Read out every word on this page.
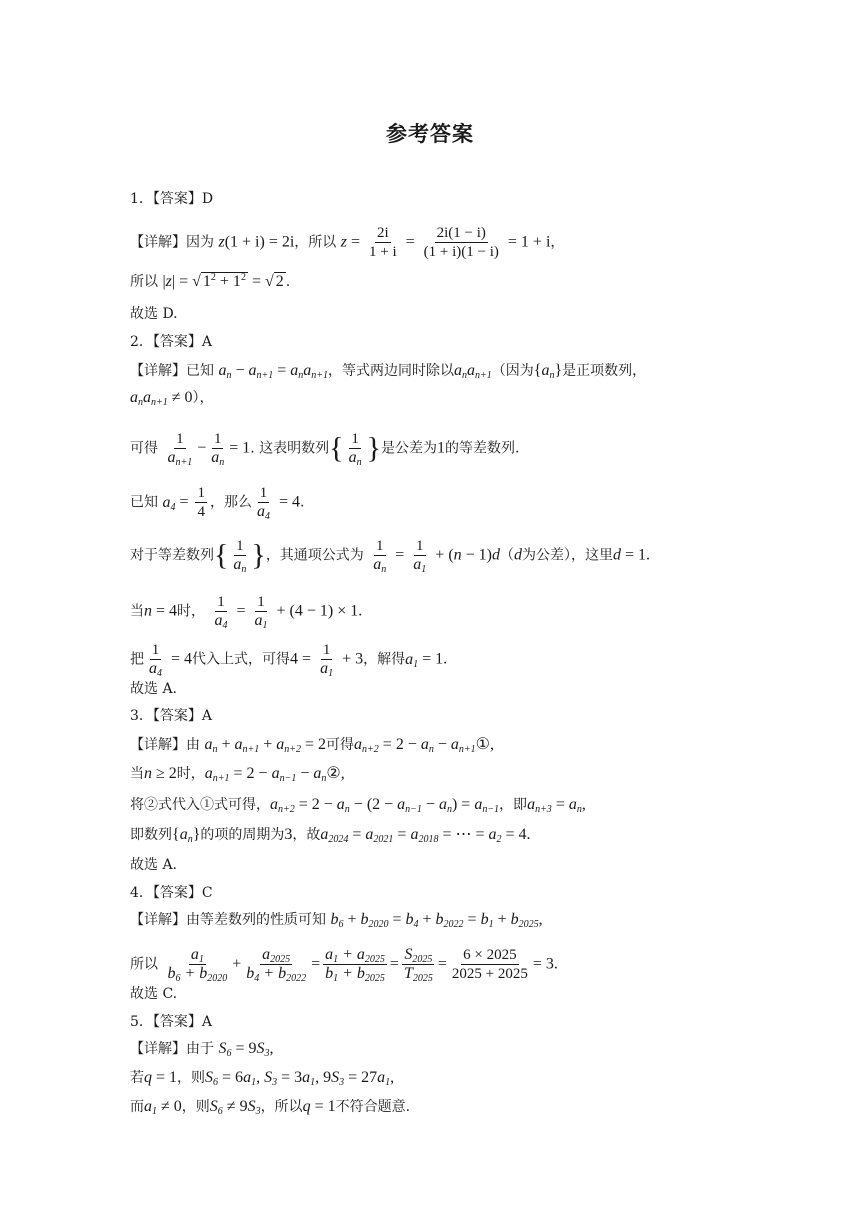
参考答案
1．【答案】D
【详解】因为 z(1 + i) = 2i，所以 $z = \frac{2i}{1 + i} = \frac{2i(1 - i)}{(1 + i)(1 - i)} = 1 + i$，
所以 |z| = √ $1^2 + 1^2$ = √ 2 .
故选 D.
2．【答案】A
【详解】已知 $a_n - a_{n+1} = a_na_{n+1}$，等式两边同时除以$a_na_{n+1}$（因为$\{a_n\}$是正项数列，
$a_na_{n+1} \ne 0$），
可得 $\frac{1}{a_{n+1}} - \frac{1}{a_n} = 1$. 这表明数列{ $\frac{1}{a_n}$ }是公差为1的等差数列.
已知 $a_4 = \frac{1}{4}$ ，那么 $\frac{1}{a_4} = 4$.
对于等差数列{ $\frac{1}{a_n}$ }，其通项公式为 $\frac{1}{a_n} = \frac{1}{a_1} + (n - 1)d(d$为公差），这里d = 1.
当n = 4时， $\frac{1}{a_4} = \frac{1}{a_1} + (4 - 1) \times 1$.
把 $\frac{1}{a_4} = 4$代入上式，可得$4 = \frac{1}{a_1} + 3$，解得$a_1 = 1$.
故选 A.
3．【答案】A
【详解】由 $a_n + a_{n+1} + a_{n+2} = 2$可得$a_{n+2} = 2 - a_n$ − $a_{n+1}①$,
当n ≥ 2时，$a_{n+1} = 2 - a_{n-1}$ − $a_n②$,
将②式代入①式可得，$a_{n+2} = 2 - a_n - (2 - a_{n-1} - a_n) = a_{n-1}$，即$a_{n+3} = a_n$,
即数列$\{a_n\}$的项的周期为3，故$a_{2024} = a_{2021} = a_{2018}$ = ⋯ = $a_2 = 4$.
故选 A.
4．【答案】C
【详解】由等差数列的性质可知 $b_6 + b_{2020} = b_4 + b_{2022} = b_1 + b_{2025}$,
所以 $\frac{a_1}{b_6 + b_{2020}} + \frac{a_{2025}}{b_4 + b_{2022}} = \frac{a_1 + a_{2025}}{b_1 + b_{2025}} = \frac{S_{2025}}{T_{2025}} = \frac{6 \times 2025}{2025 + 2025} = 3$.
故选 C.
5．【答案】A
【详解】由于 $S_6 = 9S_3$,
若q = 1，则$S_6 = 6a_1$, $S_3 = 3a_1$, $9S_3 = 27a_1$,
而$a_1 \ne 0$，则$S_6 \ne 9S_3$，所以q = 1不符合题意.
